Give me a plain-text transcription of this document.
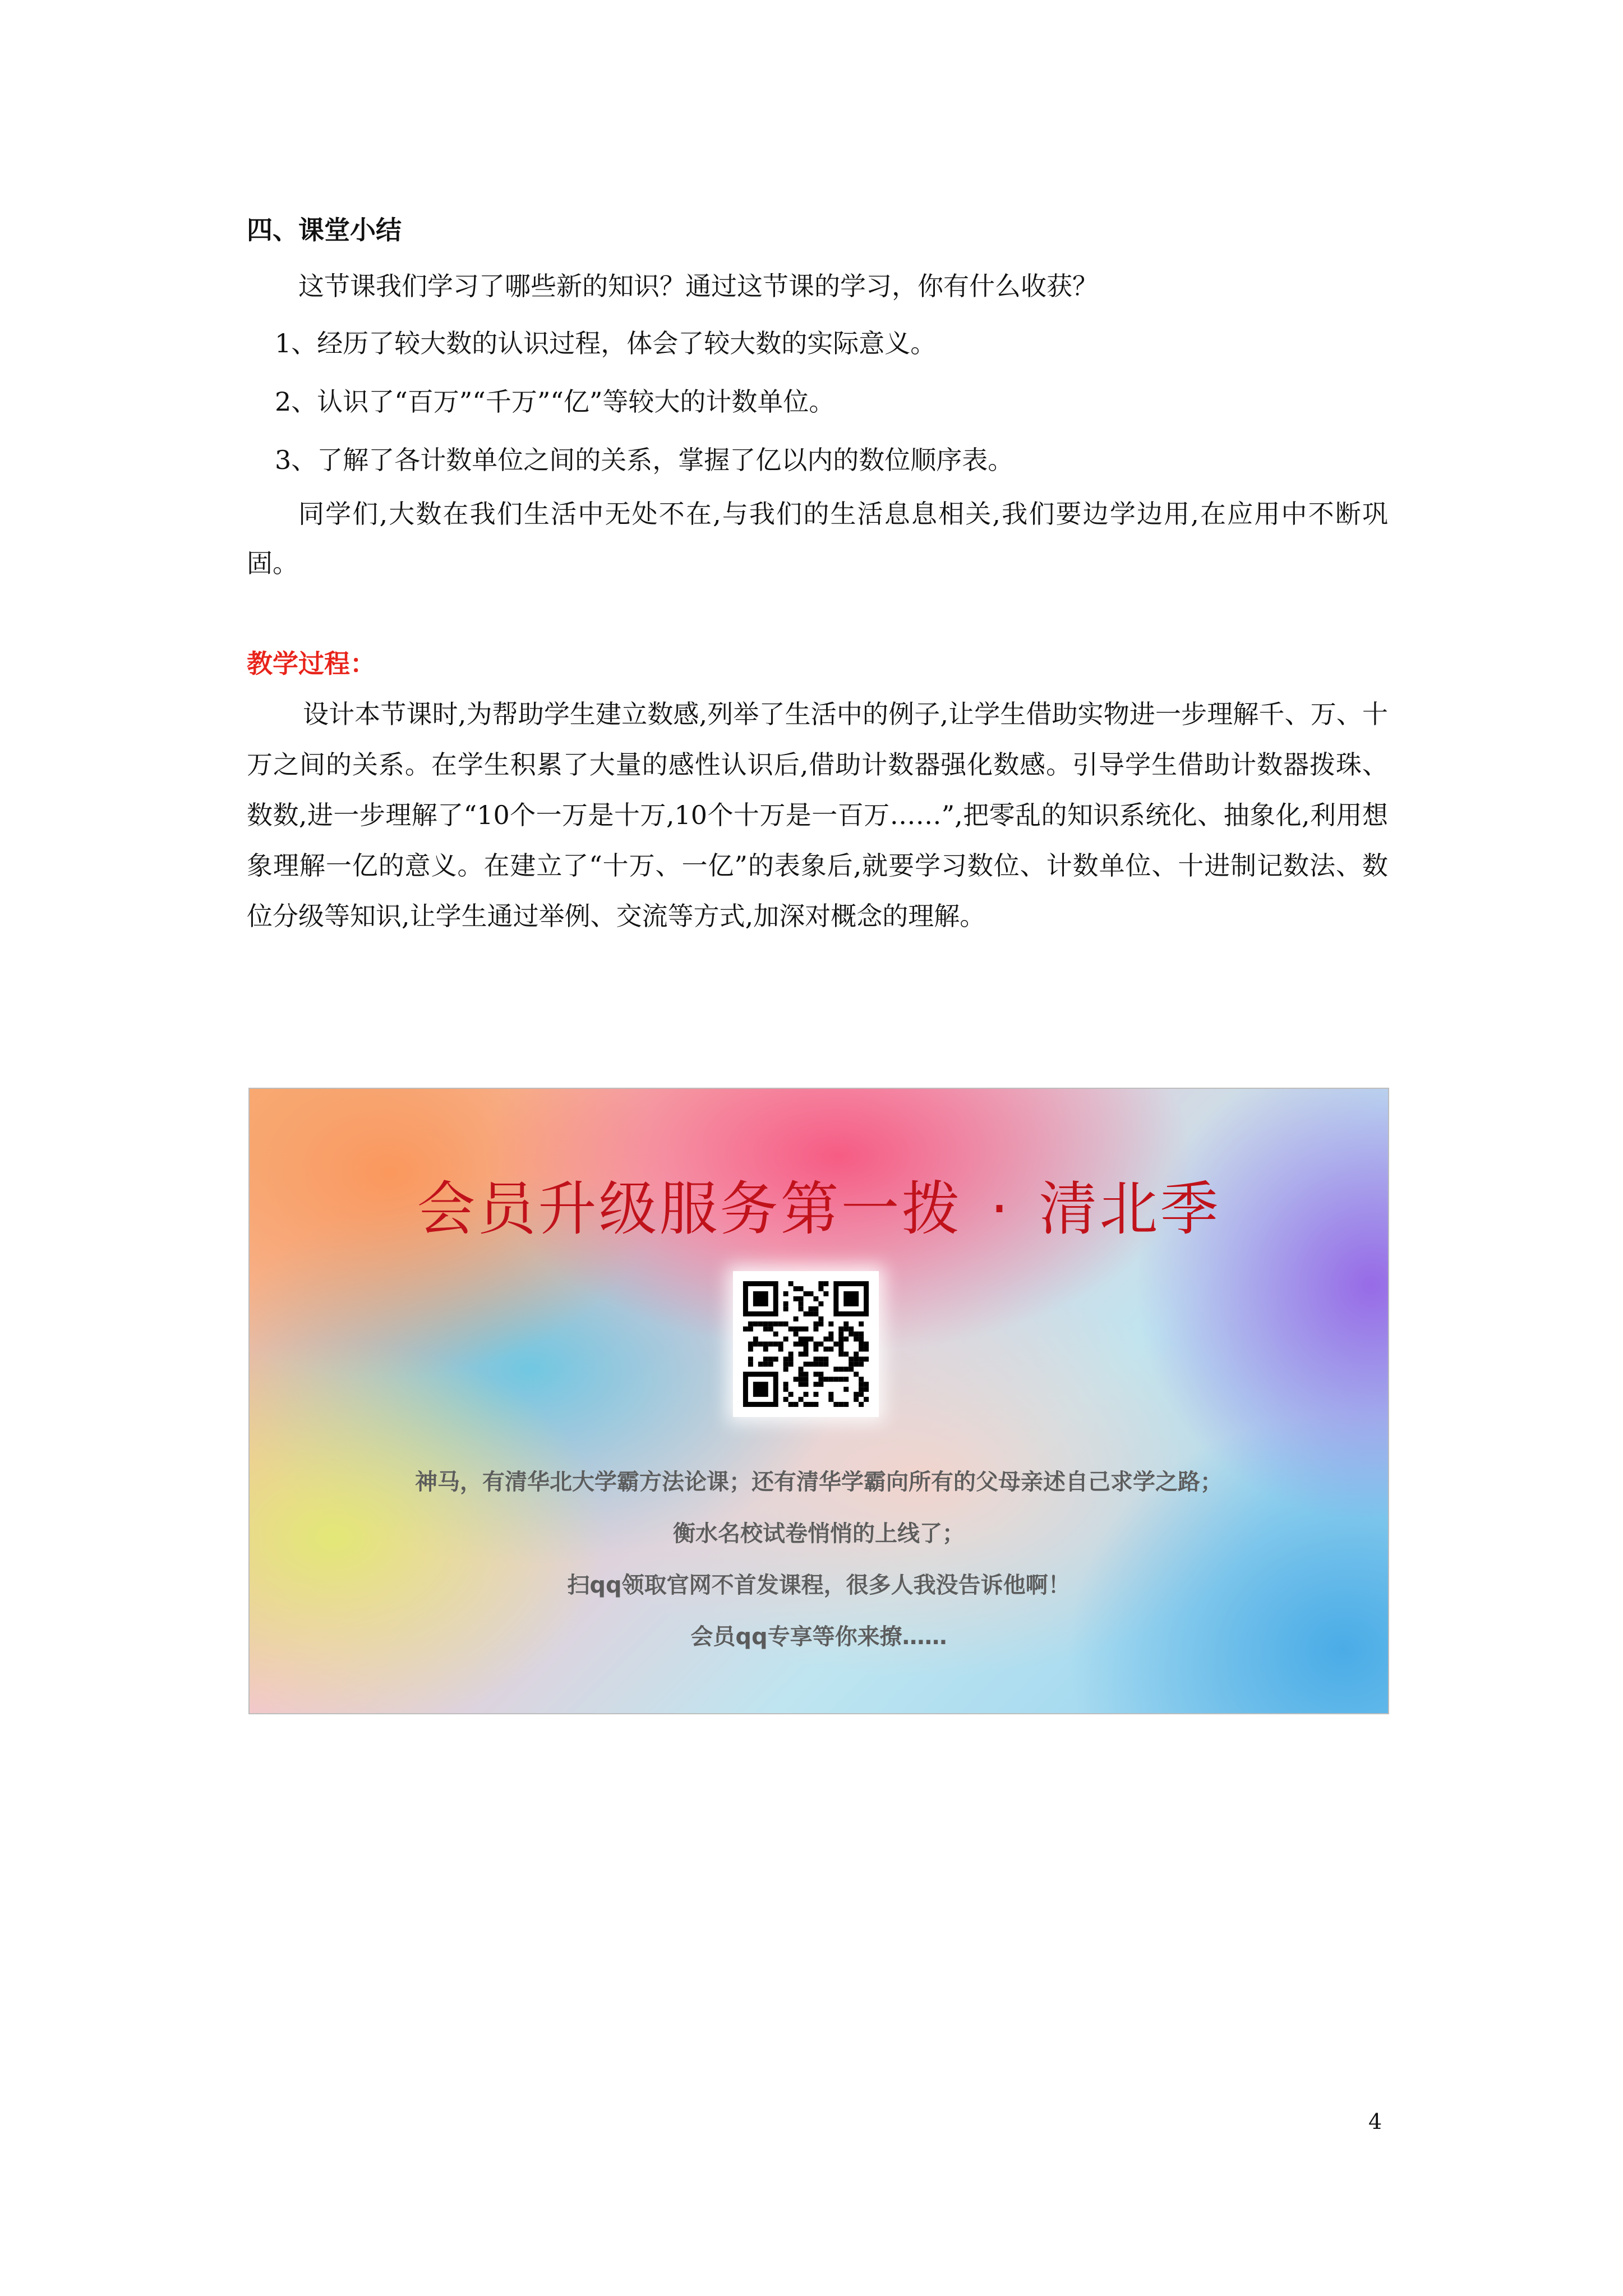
四、课堂小结

这节课我们学习了哪些新的知识？通过这节课的学习，你有什么收获？

1、经历了较大数的认识过程，体会了较大数的实际意义。

2、认识了“百万”“千万”“亿”等较大的计数单位。

3、了解了各计数单位之间的关系，掌握了亿以内的数位顺序表。

同学们,大数在我们生活中无处不在,与我们的生活息息相关,我们要边学边用,在应用中不断巩固。

教学过程：

设计本节课时,为帮助学生建立数感,列举了生活中的例子,让学生借助实物进一步理解千、万、十万之间的关系。在学生积累了大量的感性认识后,借助计数器强化数感。引导学生借助计数器拨珠、数数,进一步理解了“10个一万是十万,10个十万是一百万……”,把零乱的知识系统化、抽象化,利用想象理解一亿的意义。在建立了“十万、一亿”的表象后,就要学习数位、计数单位、十进制记数法、数位分级等知识,让学生通过举例、交流等方式,加深对概念的理解。

会员升级服务第一拨 · 清北季

神马，有清华北大学霸方法论课；还有清华学霸向所有的父母亲述自己求学之路；

衡水名校试卷悄悄的上线了；

扫qq领取官网不首发课程，很多人我没告诉他啊！

会员qq专享等你来撩……

4
